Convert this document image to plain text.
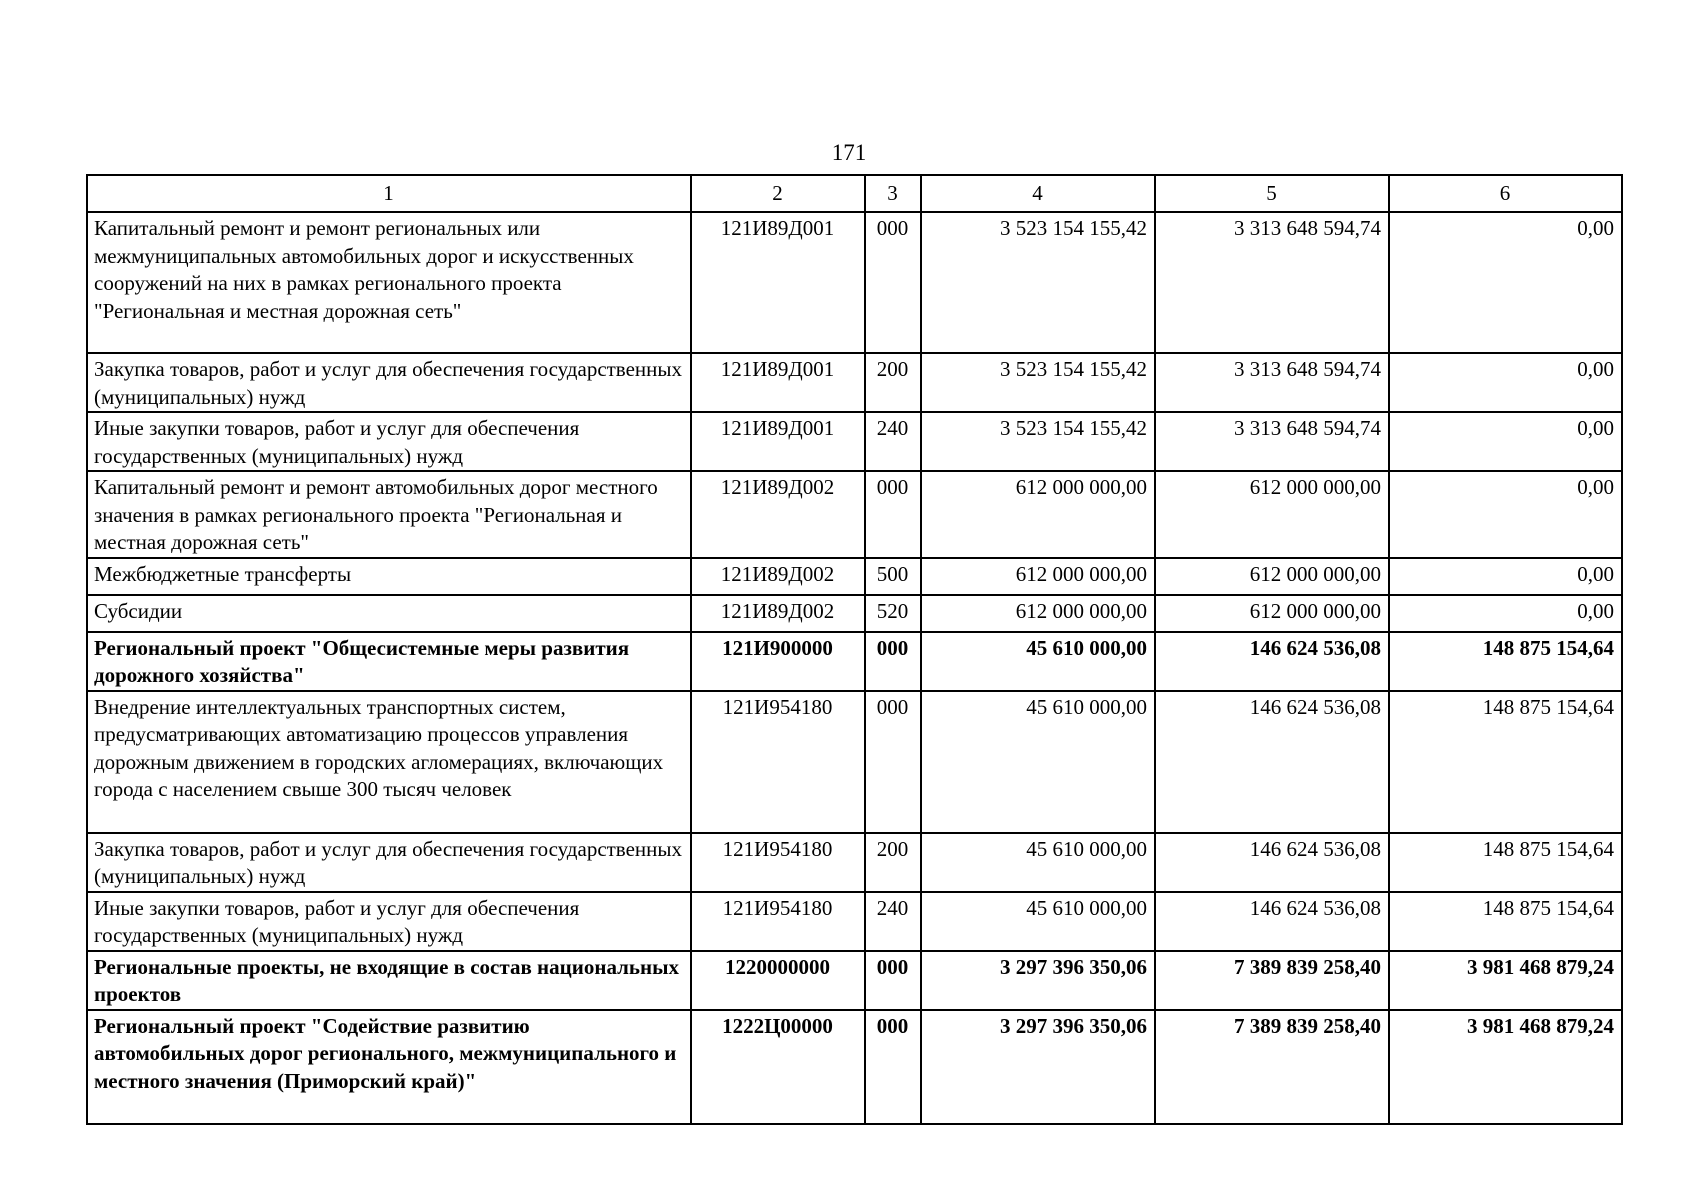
171
1	2	3	4	5	6
Капитальный ремонт и ремонт региональных или межмуниципальных автомобильных дорог и искусственных сооружений на них в рамках регионального проекта "Региональная и местная дорожная сеть"	121И89Д001	000	3 523 154 155,42	3 313 648 594,74	0,00
Закупка товаров, работ и услуг для обеспечения государственных (муниципальных) нужд	121И89Д001	200	3 523 154 155,42	3 313 648 594,74	0,00
Иные закупки товаров, работ и услуг для обеспечения государственных (муниципальных) нужд	121И89Д001	240	3 523 154 155,42	3 313 648 594,74	0,00
Капитальный ремонт и ремонт автомобильных дорог местного значения в рамках регионального проекта "Региональная и местная дорожная сеть"	121И89Д002	000	612 000 000,00	612 000 000,00	0,00
Межбюджетные трансферты	121И89Д002	500	612 000 000,00	612 000 000,00	0,00
Субсидии	121И89Д002	520	612 000 000,00	612 000 000,00	0,00
Региональный проект "Общесистемные меры развития дорожного хозяйства"	121И900000	000	45 610 000,00	146 624 536,08	148 875 154,64
Внедрение интеллектуальных транспортных систем, предусматривающих автоматизацию процессов управления дорожным движением в городских агломерациях, включающих города с населением свыше 300 тысяч человек	121И954180	000	45 610 000,00	146 624 536,08	148 875 154,64
Закупка товаров, работ и услуг для обеспечения государственных (муниципальных) нужд	121И954180	200	45 610 000,00	146 624 536,08	148 875 154,64
Иные закупки товаров, работ и услуг для обеспечения государственных (муниципальных) нужд	121И954180	240	45 610 000,00	146 624 536,08	148 875 154,64
Региональные проекты, не входящие в состав национальных проектов	1220000000	000	3 297 396 350,06	7 389 839 258,40	3 981 468 879,24
Региональный проект "Содействие развитию автомобильных дорог регионального, межмуниципального и местного значения (Приморский край)"	1222Ц00000	000	3 297 396 350,06	7 389 839 258,40	3 981 468 879,24
